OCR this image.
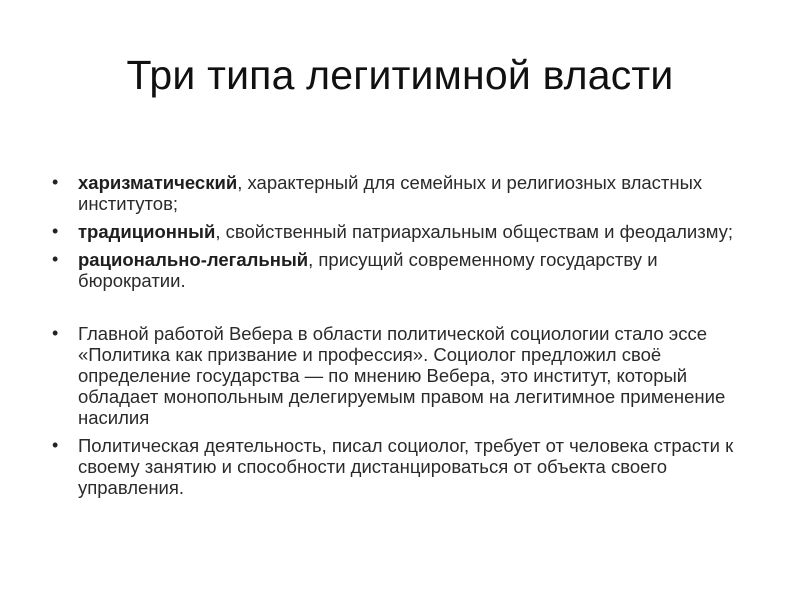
Три типа легитимной власти
• харизматический, характерный для семейных и религиозных властных институтов;
• традиционный, свойственный патриархальным обществам и феодализму;
• рационально-легальный, присущий современному государству и бюрократии.
• Главной работой Вебера в области политической социологии стало эссе «Политика как призвание и профессия». Социолог предложил своё определение государства — по мнению Вебера, это институт, который обладает монопольным делегируемым правом на легитимное применение насилия
• Политическая деятельность, писал социолог, требует от человека страсти к своему занятию и способности дистанцироваться от объекта своего управления.
